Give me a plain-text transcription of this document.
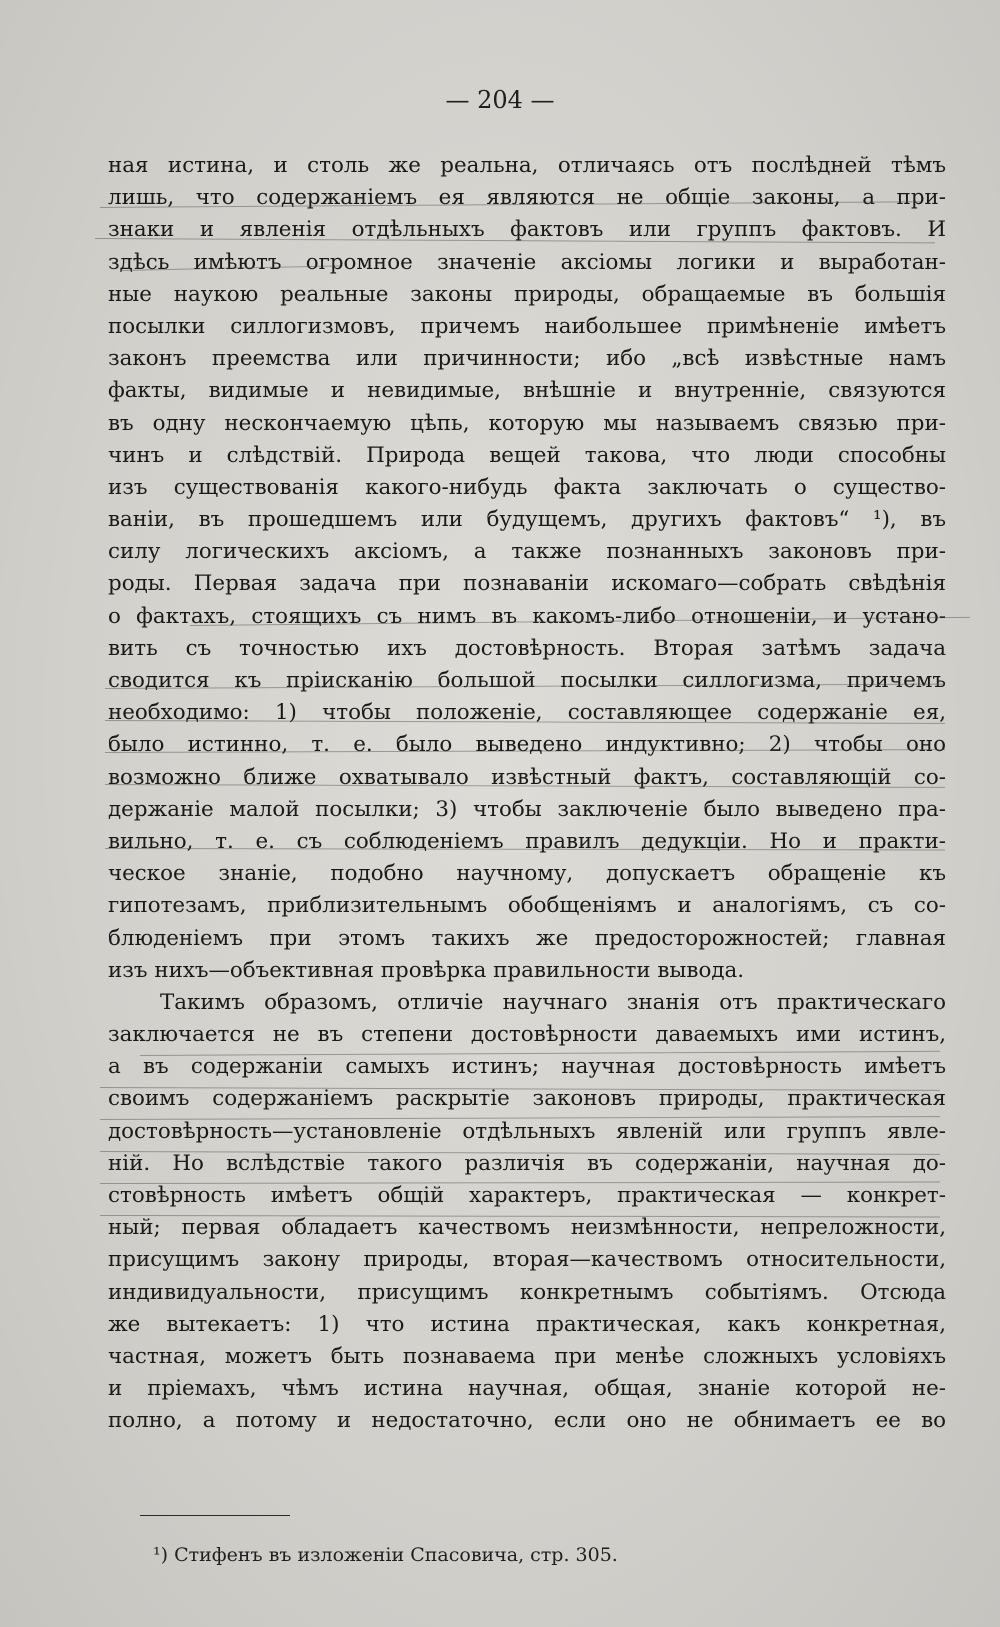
— 204 —
ная истина, и столь же реальна, отличаясь отъ послѣдней тѣмъ
лишь, что содержаніемъ ея являются не общіе законы, а при-
знаки и явленія отдѣльныхъ фактовъ или группъ фактовъ. И
здѣсь имѣютъ огромное значеніе аксіомы логики и выработан-
ные наукою реальные законы природы, обращаемые въ большія
посылки силлогизмовъ, причемъ наибольшее примѣненіе имѣетъ
законъ преемства или причинности; ибо „всѣ извѣстные намъ
факты, видимые и невидимые, внѣшніе и внутренніе, связуются
въ одну нескончаемую цѣпь, которую мы называемъ связью при-
чинъ и слѣдствій. Природа вещей такова, что люди способны
изъ существованія какого-нибудь факта заключать о существо-
ваніи, въ прошедшемъ или будущемъ, другихъ фактовъ“ ¹), въ
силу логическихъ аксіомъ, а также познанныхъ законовъ при-
роды. Первая задача при познаваніи искомаго—собрать свѣдѣнія
о фактахъ, стоящихъ съ нимъ въ какомъ-либо отношеніи, и устано-
вить съ точностью ихъ достовѣрность. Вторая затѣмъ задача
сводится къ пріисканію большой посылки силлогизма, причемъ
необходимо: 1) чтобы положеніе, составляющее содержаніе ея,
было истинно, т. е. было выведено индуктивно; 2) чтобы оно
возможно ближе охватывало извѣстный фактъ, составляющій со-
держаніе малой посылки; 3) чтобы заключеніе было выведено пра-
вильно, т. е. съ соблюденіемъ правилъ дедукціи. Но и практи-
ческое знаніе, подобно научному, допускаетъ обращеніе къ
гипотезамъ, приблизительнымъ обобщеніямъ и аналогіямъ, съ со-
блюденіемъ при этомъ такихъ же предосторожностей; главная
изъ нихъ—объективная провѣрка правильности вывода.
Такимъ образомъ, отличіе научнаго знанія отъ практическаго
заключается не въ степени достовѣрности даваемыхъ ими истинъ,
а въ содержаніи самыхъ истинъ; научная достовѣрность имѣетъ
своимъ содержаніемъ раскрытіе законовъ природы, практическая
достовѣрность—установленіе отдѣльныхъ явленій или группъ явле-
ній. Но вслѣдствіе такого различія въ содержаніи, научная до-
стовѣрность имѣетъ общій характеръ, практическая — конкрет-
ный; первая обладаетъ качествомъ неизмѣнности, непреложности,
присущимъ закону природы, вторая—качествомъ относительности,
индивидуальности, присущимъ конкретнымъ событіямъ. Отсюда
же вытекаетъ: 1) что истина практическая, какъ конкретная,
частная, можетъ быть познаваема при менѣе сложныхъ условіяхъ
и пріемахъ, чѣмъ истина научная, общая, знаніе которой не-
полно, а потому и недостаточно, если оно не обнимаетъ ее во
¹) Стифенъ въ изложеніи Спасовича, стр. 305.
